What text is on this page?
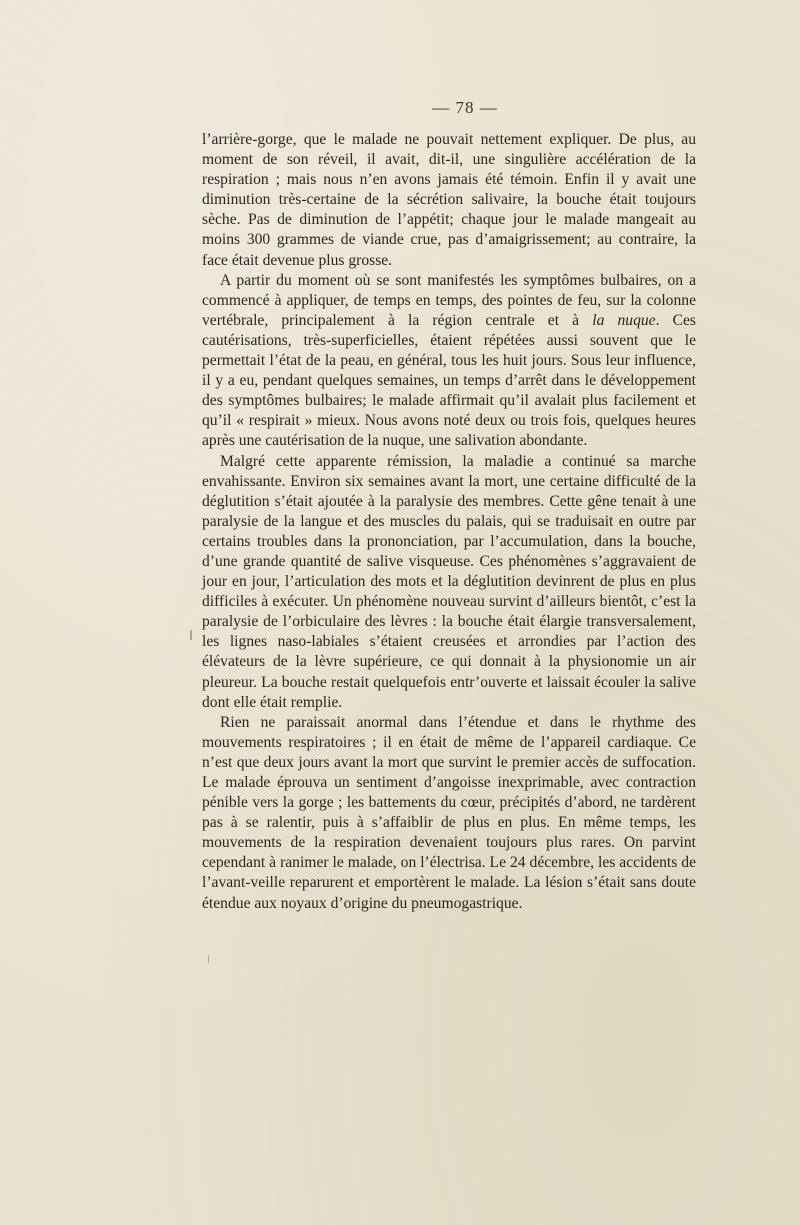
— 78 —

l’arrière-gorge, que le malade ne pouvait nettement expliquer. De plus, au moment de son réveil, il avait, dit-il, une singulière accélération de la respiration ; mais nous n’en avons jamais été témoin. Enfin il y avait une diminution très-certaine de la sécrétion salivaire, la bouche était toujours sèche. Pas de diminution de l’appétit; chaque jour le malade mangeait au moins 300 grammes de viande crue, pas d’amaigrissement; au contraire, la face était devenue plus grosse.

A partir du moment où se sont manifestés les symptômes bulbaires, on a commencé à appliquer, de temps en temps, des pointes de feu, sur la colonne vertébrale, principalement à la région centrale et à la nuque. Ces cautérisations, très-superficielles, étaient répétées aussi souvent que le permettait l’état de la peau, en général, tous les huit jours. Sous leur influence, il y a eu, pendant quelques semaines, un temps d’arrêt dans le développement des symptômes bulbaires; le malade affirmait qu’il avalait plus facilement et qu’il « respirait » mieux. Nous avons noté deux ou trois fois, quelques heures après une cautérisation de la nuque, une salivation abondante.

Malgré cette apparente rémission, la maladie a continué sa marche envahissante. Environ six semaines avant la mort, une certaine difficulté de la déglutition s’était ajoutée à la paralysie des membres. Cette gêne tenait à une paralysie de la langue et des muscles du palais, qui se traduisait en outre par certains troubles dans la prononciation, par l’accumulation, dans la bouche, d’une grande quantité de salive visqueuse. Ces phénomènes s’aggravaient de jour en jour, l’articulation des mots et la déglutition devinrent de plus en plus difficiles à exécuter. Un phénomène nouveau survint d’ailleurs bientôt, c’est la paralysie de l’orbiculaire des lèvres : la bouche était élargie transversalement, les lignes naso-labiales s’étaient creusées et arrondies par l’action des élévateurs de la lèvre supérieure, ce qui donnait à la physionomie un air pleureur. La bouche restait quelquefois entr’ouverte et laissait écouler la salive dont elle était remplie.

Rien ne paraissait anormal dans l’étendue et dans le rhythme des mouvements respiratoires ; il en était de même de l’appareil cardiaque. Ce n’est que deux jours avant la mort que survint le premier accès de suffocation. Le malade éprouva un sentiment d’angoisse inexprimable, avec contraction pénible vers la gorge ; les battements du cœur, précipités d’abord, ne tardèrent pas à se ralentir, puis à s’affaiblir de plus en plus. En même temps, les mouvements de la respiration devenaient toujours plus rares. On parvint cependant à ranimer le malade, on l’électrisa. Le 24 décembre, les accidents de l’avant-veille reparurent et emportèrent le malade. La lésion s’était sans doute étendue aux noyaux d’origine du pneumogastrique.
